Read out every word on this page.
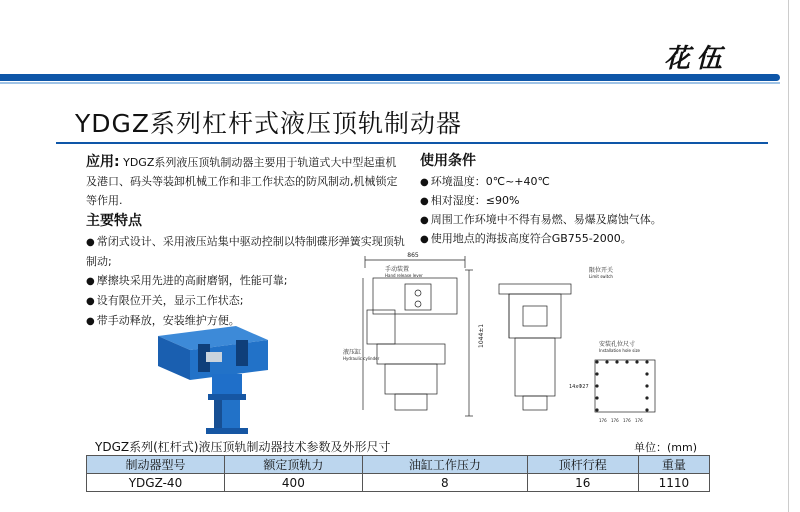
花伍
YDGZ系列杠杆式液压顶轨制动器
应用: YDGZ系列液压顶轨制动器主要用于轨道式大中型起重机及港口、码头等装卸机械工作和非工作状态的防风制动,机械锁定等作用.
主要特点
● 常闭式设计、采用液压站集中驱动控制以特制碟形弹簧实现顶轨制动;
● 摩擦块采用先进的高耐磨钢，性能可靠;
● 设有限位开关，显示工作状态;
● 带手动释放，安装维护方便。
使用条件
● 环境温度：0℃~+40℃
● 相对湿度：≤90%
● 周围工作环境中不得有易燃、易爆及腐蚀气体。
● 使用地点的海拔高度符合GB755-2000。
865
手动装置
Hand release lever
液压缸
Hydraulic cylinder
1044±1
限位开关
Limit switch
安装孔位尺寸
Installation hole size
14xΦ27
176 176 176 176
YDGZ系列(杠杆式)液压顶轨制动器技术参数及外形尺寸	单位：(mm)
制动器型号	额定顶轨力	油缸工作压力	顶杆行程	重量
YDGZ-40	400	8	16	1110
